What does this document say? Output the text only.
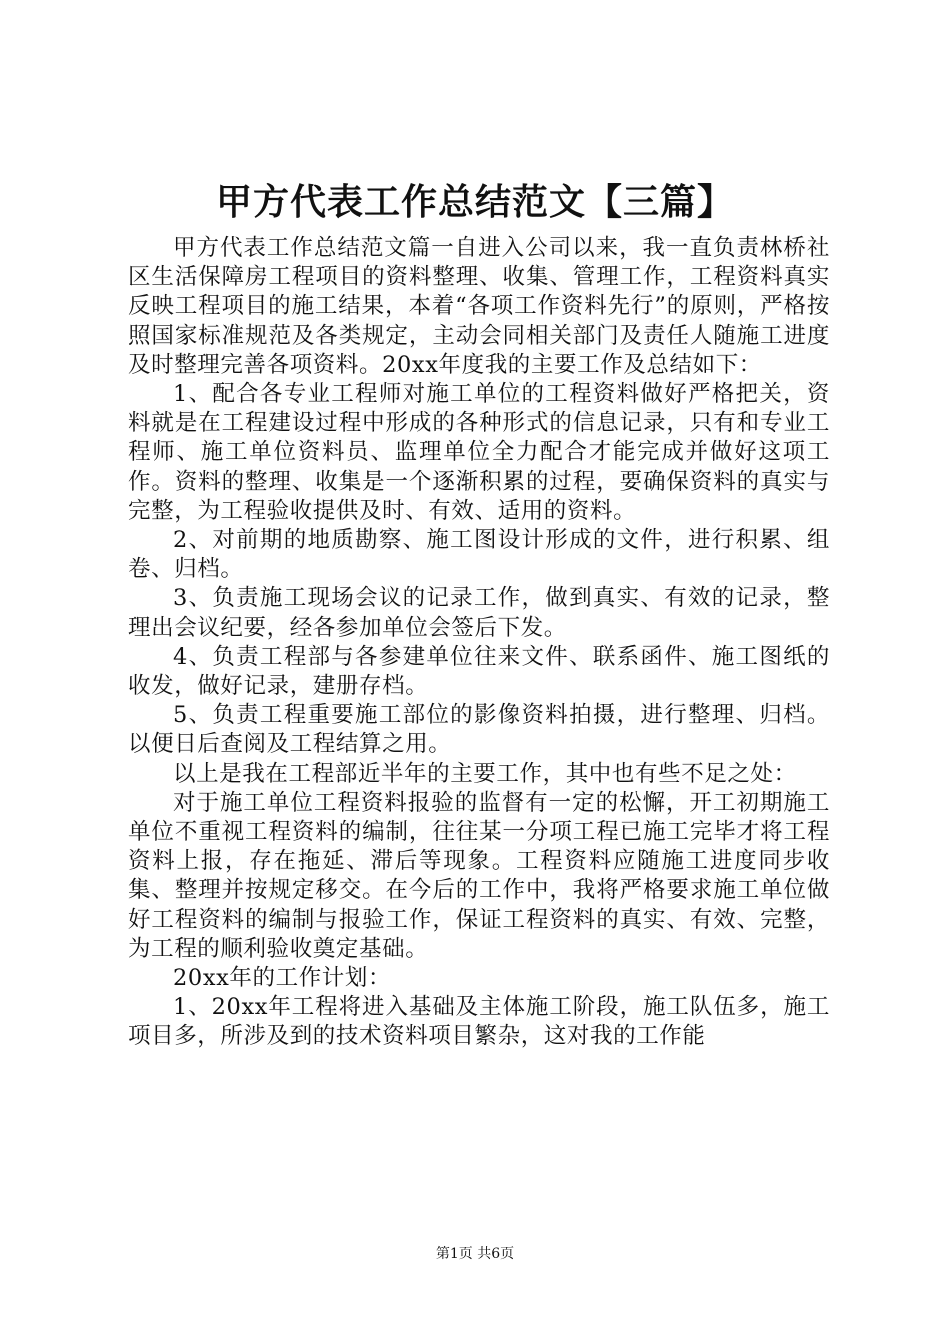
甲方代表工作总结范文【三篇】

甲方代表工作总结范文篇一自进入公司以来，我一直负责林桥社区生活保障房工程项目的资料整理、收集、管理工作，工程资料真实反映工程项目的施工结果，本着“各项工作资料先行”的原则，严格按照国家标准规范及各类规定，主动会同相关部门及责任人随施工进度及时整理完善各项资料。20xx年度我的主要工作及总结如下：

1、配合各专业工程师对施工单位的工程资料做好严格把关，资料就是在工程建设过程中形成的各种形式的信息记录，只有和专业工程师、施工单位资料员、监理单位全力配合才能完成并做好这项工作。资料的整理、收集是一个逐渐积累的过程，要确保资料的真实与完整，为工程验收提供及时、有效、适用的资料。

2、对前期的地质勘察、施工图设计形成的文件，进行积累、组卷、归档。

3、负责施工现场会议的记录工作，做到真实、有效的记录，整理出会议纪要，经各参加单位会签后下发。

4、负责工程部与各参建单位往来文件、联系函件、施工图纸的收发，做好记录，建册存档。

5、负责工程重要施工部位的影像资料拍摄，进行整理、归档。以便日后查阅及工程结算之用。

以上是我在工程部近半年的主要工作，其中也有些不足之处：

对于施工单位工程资料报验的监督有一定的松懈，开工初期施工单位不重视工程资料的编制，往往某一分项工程已施工完毕才将工程资料上报，存在拖延、滞后等现象。工程资料应随施工进度同步收集、整理并按规定移交。在今后的工作中，我将严格要求施工单位做好工程资料的编制与报验工作，保证工程资料的真实、有效、完整，为工程的顺利验收奠定基础。

20xx年的工作计划：

1、20xx年工程将进入基础及主体施工阶段，施工队伍多，施工项目多，所涉及到的技术资料项目繁杂，这对我的工作能

第1页 共6页
